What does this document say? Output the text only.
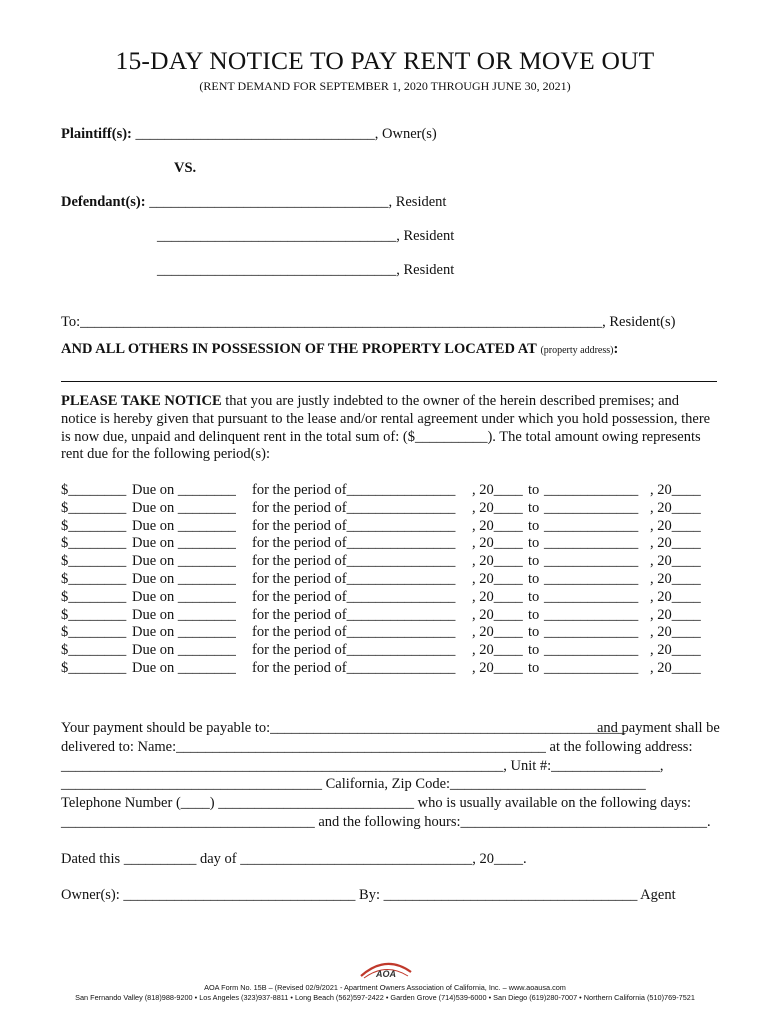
15-DAY NOTICE TO PAY RENT OR MOVE OUT
(RENT DEMAND FOR SEPTEMBER 1, 2020 THROUGH JUNE 30, 2021)
Plaintiff(s): _________________________________, Owner(s)
VS.
Defendant(s): _________________________________, Resident
_________________________________, Resident
_________________________________, Resident
To:________________________________________________________________________, Resident(s)
AND ALL OTHERS IN POSSESSION OF THE PROPERTY LOCATED AT (property address):
PLEASE TAKE NOTICE that you are justly indebted to the owner of the herein described premises; and notice is hereby given that pursuant to the lease and/or rental agreement under which you hold possession, there is now due, unpaid and delinquent rent in the total sum of: ($__________). The total amount owing represents rent due for the following period(s):
$________ Due on ________ for the period of_______________ , 20____ to _____________ , 20____
$________ Due on ________ for the period of_______________ , 20____ to _____________ , 20____
$________ Due on ________ for the period of_______________ , 20____ to _____________ , 20____
$________ Due on ________ for the period of_______________ , 20____ to _____________ , 20____
$________ Due on ________ for the period of_______________ , 20____ to _____________ , 20____
$________ Due on ________ for the period of_______________ , 20____ to _____________ , 20____
$________ Due on ________ for the period of_______________ , 20____ to _____________ , 20____
$________ Due on ________ for the period of_______________ , 20____ to _____________ , 20____
$________ Due on ________ for the period of_______________ , 20____ to _____________ , 20____
$________ Due on ________ for the period of_______________ , 20____ to _____________ , 20____
$________ Due on ________ for the period of_______________ , 20____ to _____________ , 20____
Your payment should be payable to:_________________________________________________
and payment shall be
delivered to: Name:___________________________________________________ at the following address:
_____________________________________________________________, Unit #:_______________,
____________________________________ California, Zip Code:___________________________
Telephone Number (____) ___________________________ who is usually available on the following days:
___________________________________ and the following hours:__________________________________.
Dated this __________ day of ________________________________, 20____.
Owner(s): ________________________________ By: ___________________________________ Agent
AOA
AOA Form No. 15B – (Revised 02/9/2021 - Apartment Owners Association of California, Inc. – www.aoausa.com
San Fernando Valley (818)988-9200 • Los Angeles (323)937-8811 • Long Beach (562)597-2422 • Garden Grove (714)539-6000 • San Diego (619)280-7007 • Northern California (510)769-7521
